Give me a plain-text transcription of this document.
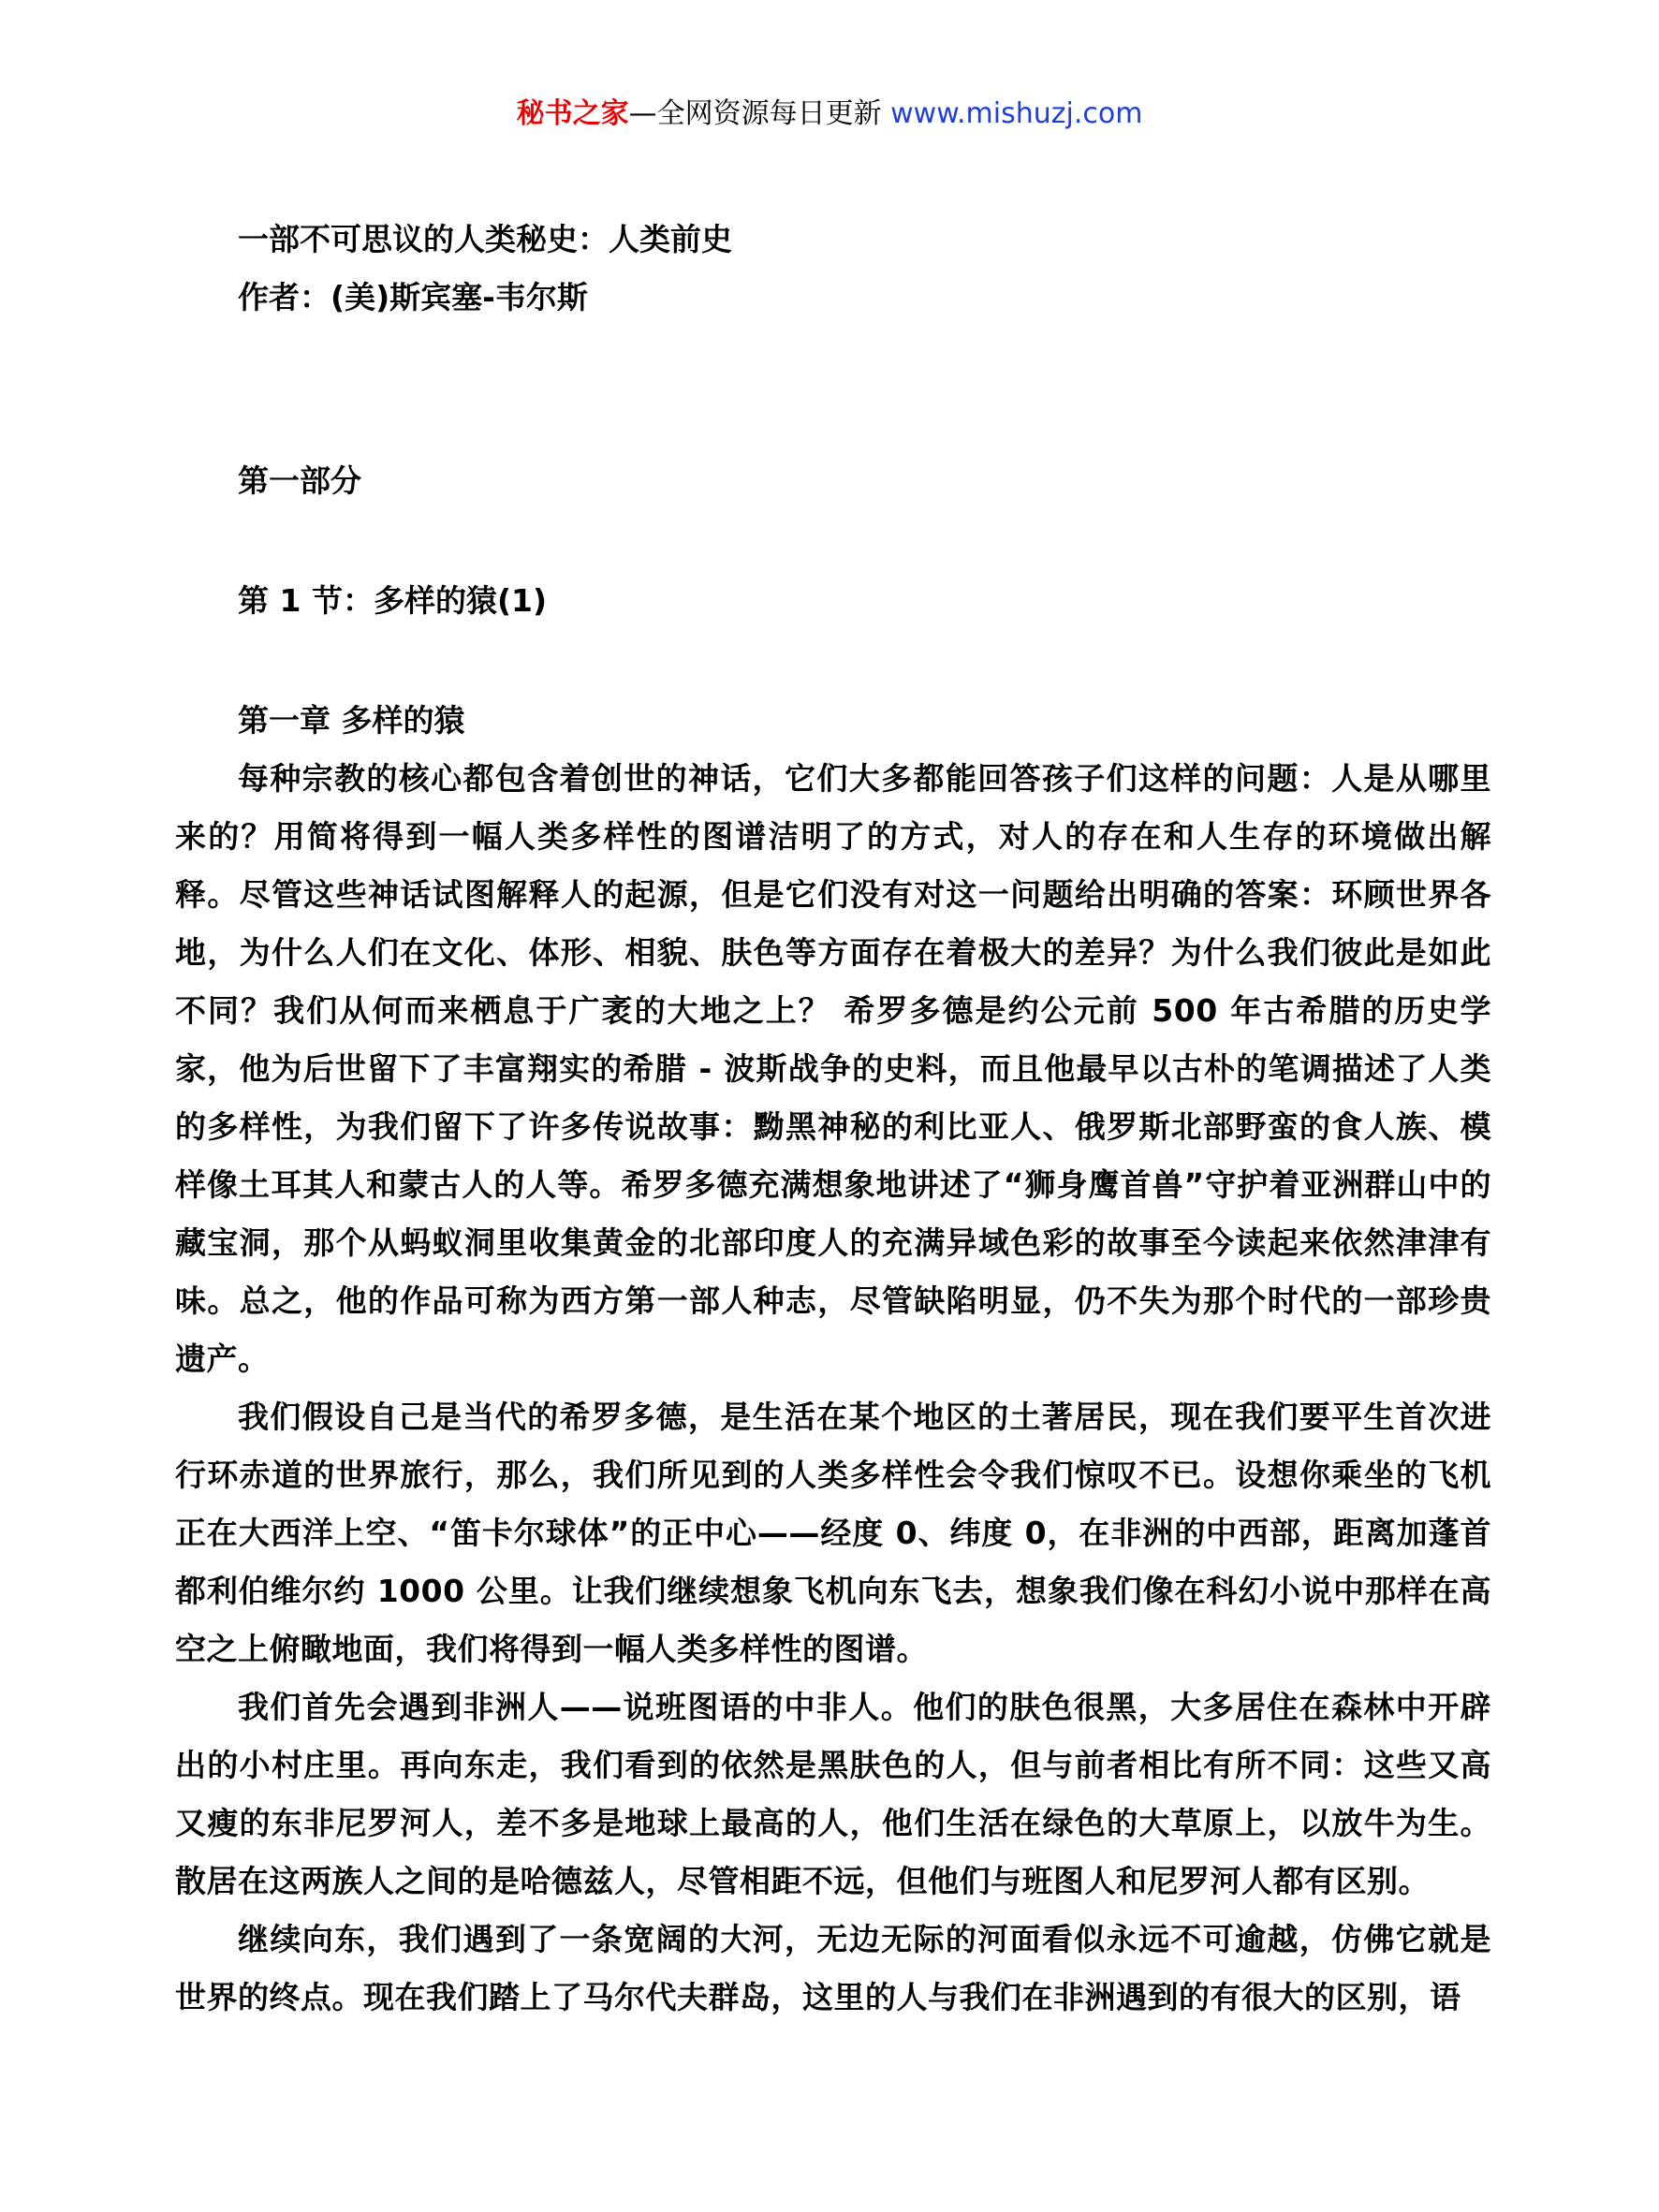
秘书之家—全网资源每日更新 www.mishuzj.com
一部不可思议的人类秘史：人类前史
作者：(美)斯宾塞-韦尔斯
第一部分
第 1 节：多样的猿(1)
第一章 多样的猿

每种宗教的核心都包含着创世的神话，它们大多都能回答孩子们这样的问题：人是从哪里来的？用简将得到一幅人类多样性的图谱洁明了的方式，对人的存在和人生存的环境做出解释。尽管这些神话试图解释人的起源，但是它们没有对这一问题给出明确的答案：环顾世界各地，为什么人们在文化、体形、相貌、肤色等方面存在着极大的差异？为什么我们彼此是如此不同？我们从何而来栖息于广袤的大地之上？ 希罗多德是约公元前 500 年古希腊的历史学家，他为后世留下了丰富翔实的希腊 - 波斯战争的史料，而且他最早以古朴的笔调描述了人类的多样性，为我们留下了许多传说故事：黝黑神秘的利比亚人、俄罗斯北部野蛮的食人族、模样像土耳其人和蒙古人的人等。希罗多德充满想象地讲述了“狮身鹰首兽”守护着亚洲群山中的藏宝洞，那个从蚂蚁洞里收集黄金的北部印度人的充满异域色彩的故事至今读起来依然津津有味。总之，他的作品可称为西方第一部人种志，尽管缺陷明显，仍不失为那个时代的一部珍贵遗产。

我们假设自己是当代的希罗多德，是生活在某个地区的土著居民，现在我们要平生首次进行环赤道的世界旅行，那么，我们所见到的人类多样性会令我们惊叹不已。设想你乘坐的飞机正在大西洋上空、“笛卡尔球体”的正中心——经度 0、纬度 0，在非洲的中西部，距离加蓬首都利伯维尔约 1000 公里。让我们继续想象飞机向东飞去，想象我们像在科幻小说中那样在高空之上俯瞰地面，我们将得到一幅人类多样性的图谱。

我们首先会遇到非洲人——说班图语的中非人。他们的肤色很黑，大多居住在森林中开辟出的小村庄里。再向东走，我们看到的依然是黑肤色的人，但与前者相比有所不同：这些又高又瘦的东非尼罗河人，差不多是地球上最高的人，他们生活在绿色的大草原上，以放牛为生。散居在这两族人之间的是哈德兹人，尽管相距不远，但他们与班图人和尼罗河人都有区别。

继续向东，我们遇到了一条宽阔的大河，无边无际的河面看似永远不可逾越，仿佛它就是世界的终点。现在我们踏上了马尔代夫群岛，这里的人与我们在非洲遇到的有很大的区别，语
